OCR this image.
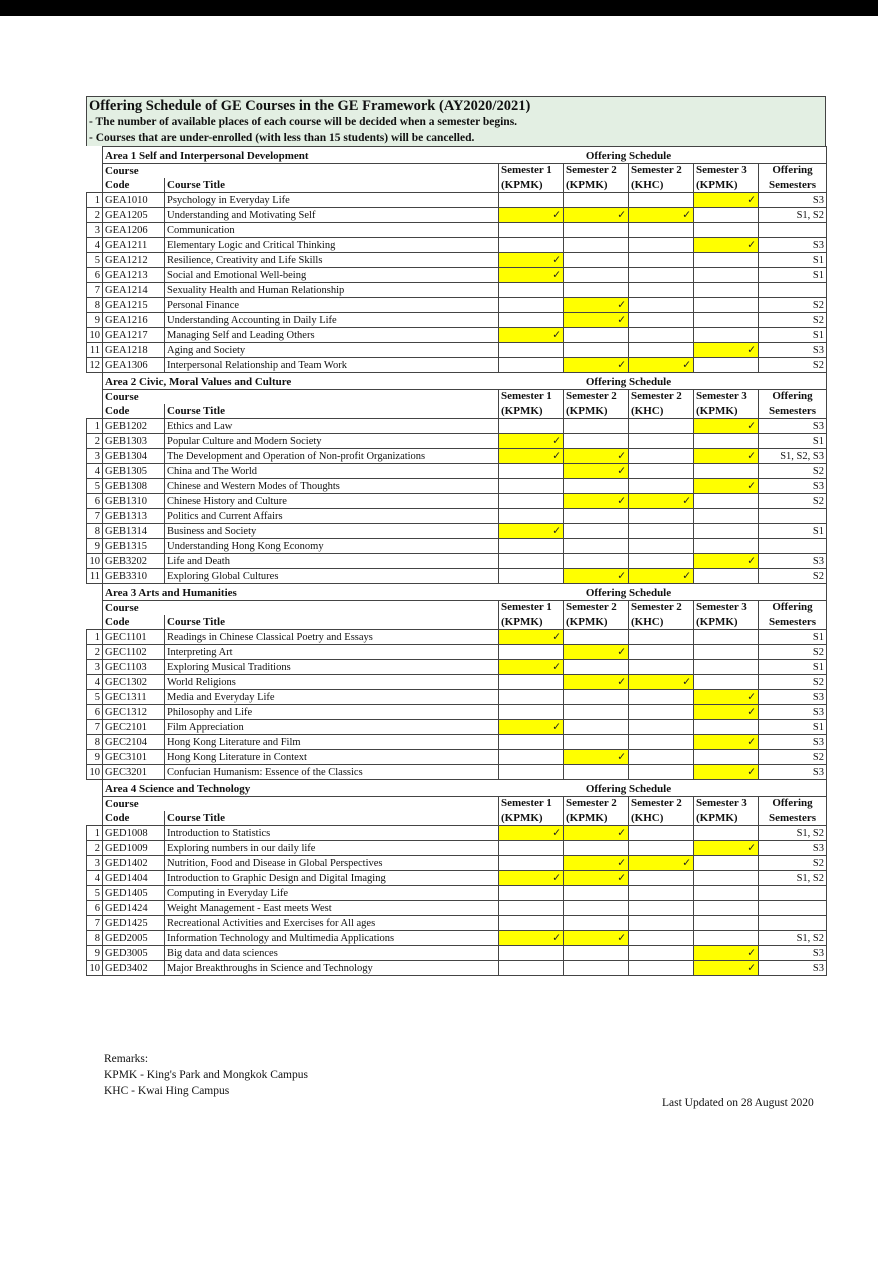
Offering Schedule of GE Courses in the GE Framework (AY2020/2021)
- The number of available places of each course will be decided when a semester begins.
- Courses that are under-enrolled (with less than 15 students) will be cancelled.
	Area 1 Self and Interpersonal Development		Offering Schedule				
	Course		Semester 1	Semester 2	Semester 2	Semester 3	Offering
	Code	Course Title	(KPMK)	(KPMK)	(KHC)	(KPMK)	Semesters
1	GEA1010	Psychology in Everyday Life				✓	S3
2	GEA1205	Understanding and Motivating Self	✓	✓	✓		S1, S2
3	GEA1206	Communication					
4	GEA1211	Elementary Logic and Critical Thinking				✓	S3
5	GEA1212	Resilience, Creativity and Life Skills	✓				S1
6	GEA1213	Social and Emotional Well-being	✓				S1
7	GEA1214	Sexuality Health and Human Relationship					
8	GEA1215	Personal Finance		✓			S2
9	GEA1216	Understanding Accounting in Daily Life		✓			S2
10	GEA1217	Managing Self and Leading Others	✓				S1
11	GEA1218	Aging and Society				✓	S3
12	GEA1306	Interpersonal Relationship and Team Work		✓	✓		S2
	Area 2 Civic, Moral Values and Culture		Offering Schedule				
	Course		Semester 1	Semester 2	Semester 2	Semester 3	Offering
	Code	Course Title	(KPMK)	(KPMK)	(KHC)	(KPMK)	Semesters
1	GEB1202	Ethics and Law				✓	S3
2	GEB1303	Popular Culture and Modern Society	✓				S1
3	GEB1304	The Development and Operation of Non-profit Organizations	✓	✓		✓	S1, S2, S3
4	GEB1305	China and The World		✓			S2
5	GEB1308	Chinese and Western Modes of Thoughts				✓	S3
6	GEB1310	Chinese History and Culture		✓	✓		S2
7	GEB1313	Politics and Current Affairs					
8	GEB1314	Business and Society	✓				S1
9	GEB1315	Understanding Hong Kong Economy					
10	GEB3202	Life and Death				✓	S3
11	GEB3310	Exploring Global Cultures		✓	✓		S2
	Area 3 Arts and Humanities		Offering Schedule				
	Course		Semester 1	Semester 2	Semester 2	Semester 3	Offering
	Code	Course Title	(KPMK)	(KPMK)	(KHC)	(KPMK)	Semesters
1	GEC1101	Readings in Chinese Classical Poetry and Essays	✓				S1
2	GEC1102	Interpreting Art		✓			S2
3	GEC1103	Exploring Musical Traditions	✓				S1
4	GEC1302	World Religions		✓	✓		S2
5	GEC1311	Media and Everyday Life				✓	S3
6	GEC1312	Philosophy and Life				✓	S3
7	GEC2101	Film Appreciation	✓				S1
8	GEC2104	Hong Kong Literature and Film				✓	S3
9	GEC3101	Hong Kong Literature in Context		✓			S2
10	GEC3201	Confucian Humanism: Essence of the Classics				✓	S3
	Area 4 Science and Technology		Offering Schedule				
	Course		Semester 1	Semester 2	Semester 2	Semester 3	Offering
	Code	Course Title	(KPMK)	(KPMK)	(KHC)	(KPMK)	Semesters
1	GED1008	Introduction to Statistics	✓	✓			S1, S2
2	GED1009	Exploring numbers in our daily life				✓	S3
3	GED1402	Nutrition, Food and Disease in Global Perspectives		✓	✓		S2
4	GED1404	Introduction to Graphic Design and Digital Imaging	✓	✓			S1, S2
5	GED1405	Computing in Everyday Life					
6	GED1424	Weight Management - East meets West					
7	GED1425	Recreational Activities and Exercises for All ages					
8	GED2005	Information Technology and Multimedia Applications	✓	✓			S1, S2
9	GED3005	Big data and data sciences				✓	S3
10	GED3402	Major Breakthroughs in Science and Technology				✓	S3
Remarks:
KPMK - King's Park and Mongkok Campus
KHC - Kwai Hing Campus
Last Updated on 28 August 2020
